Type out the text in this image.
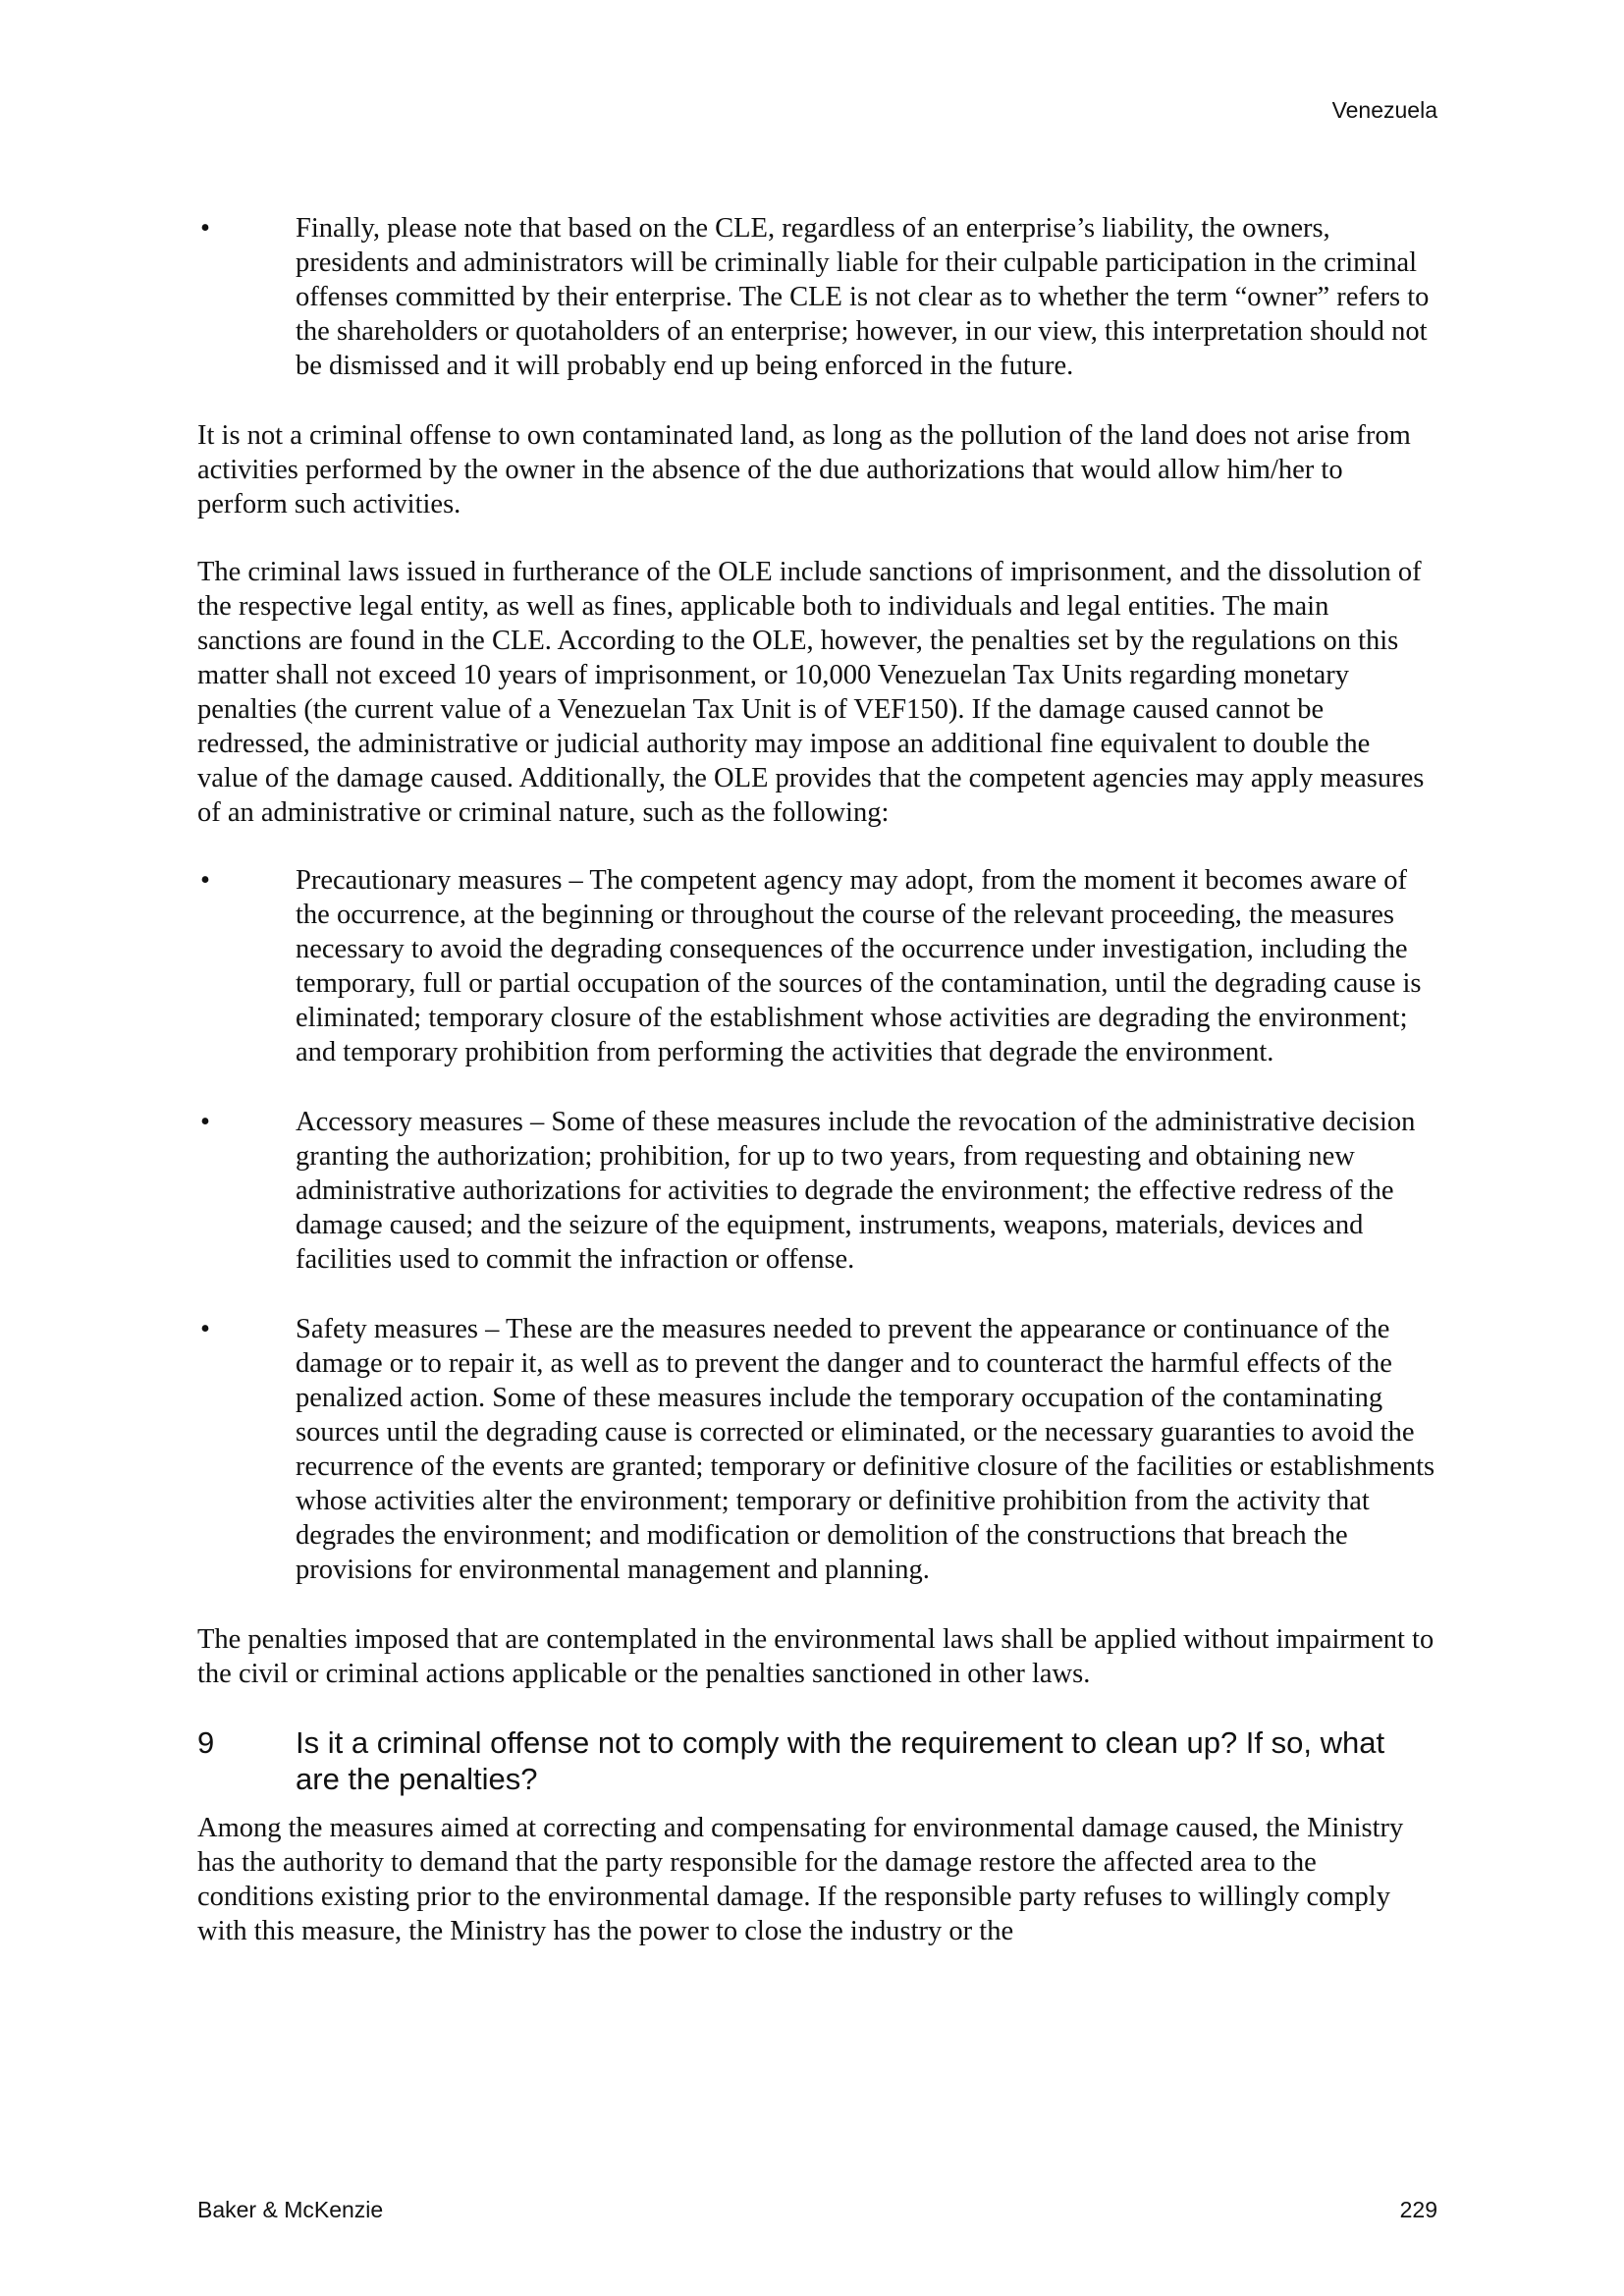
Venezuela
•	Finally, please note that based on the CLE, regardless of an enterprise’s liability, the owners, presidents and administrators will be criminally liable for their culpable participation in the criminal offenses committed by their enterprise. The CLE is not clear as to whether the term “owner” refers to the shareholders or quotaholders of an enterprise; however, in our view, this interpretation should not be dismissed and it will probably end up being enforced in the future.

It is not a criminal offense to own contaminated land, as long as the pollution of the land does not arise from activities performed by the owner in the absence of the due authorizations that would allow him/her to perform such activities.

The criminal laws issued in furtherance of the OLE include sanctions of imprisonment, and the dissolution of the respective legal entity, as well as fines, applicable both to individuals and legal entities. The main sanctions are found in the CLE. According to the OLE, however, the penalties set by the regulations on this matter shall not exceed 10 years of imprisonment, or 10,000 Venezuelan Tax Units regarding monetary penalties (the current value of a Venezuelan Tax Unit is of VEF150). If the damage caused cannot be redressed, the administrative or judicial authority may impose an additional fine equivalent to double the value of the damage caused. Additionally, the OLE provides that the competent agencies may apply measures of an administrative or criminal nature, such as the following:

•	Precautionary measures – The competent agency may adopt, from the moment it becomes aware of the occurrence, at the beginning or throughout the course of the relevant proceeding, the measures necessary to avoid the degrading consequences of the occurrence under investigation, including the temporary, full or partial occupation of the sources of the contamination, until the degrading cause is eliminated; temporary closure of the establishment whose activities are degrading the environment; and temporary prohibition from performing the activities that degrade the environment.
•	Accessory measures – Some of these measures include the revocation of the administrative decision granting the authorization; prohibition, for up to two years, from requesting and obtaining new administrative authorizations for activities to degrade the environment; the effective redress of the damage caused; and the seizure of the equipment, instruments, weapons, materials, devices and facilities used to commit the infraction or offense.
•	Safety measures – These are the measures needed to prevent the appearance or continuance of the damage or to repair it, as well as to prevent the danger and to counteract the harmful effects of the penalized action. Some of these measures include the temporary occupation of the contaminating sources until the degrading cause is corrected or eliminated, or the necessary guaranties to avoid the recurrence of the events are granted; temporary or definitive closure of the facilities or establishments whose activities alter the environment; temporary or definitive prohibition from the activity that degrades the environment; and modification or demolition of the constructions that breach the provisions for environmental management and planning.

The penalties imposed that are contemplated in the environmental laws shall be applied without impairment to the civil or criminal actions applicable or the penalties sanctioned in other laws.

9	Is it a criminal offense not to comply with the requirement to clean up? If so, what are the penalties?

Among the measures aimed at correcting and compensating for environmental damage caused, the Ministry has the authority to demand that the party responsible for the damage restore the affected area to the conditions existing prior to the environmental damage. If the responsible party refuses to willingly comply with this measure, the Ministry has the power to close the industry or the

Baker & McKenzie	229
